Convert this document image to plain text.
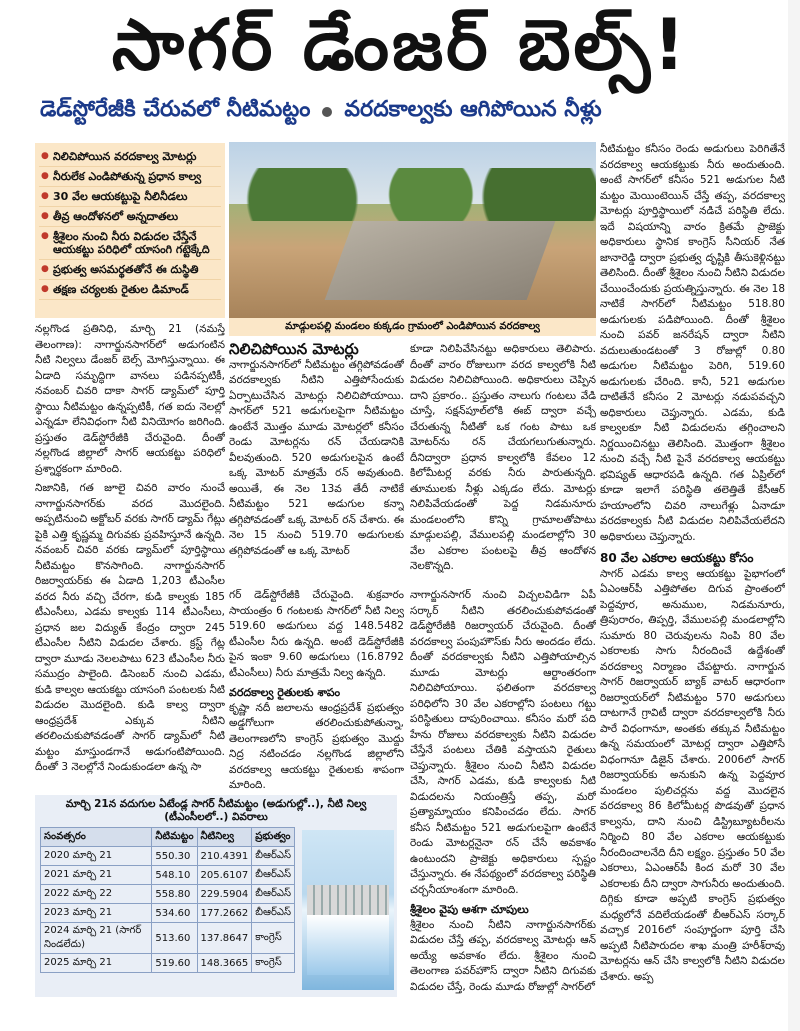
సాగర్ డేంజర్ బెల్స్!
డెడ్‌స్టోరేజీకి చేరువలో నీటిమట్టం వరదకాల్వకు ఆగిపోయిన నీళ్లు
● నిలిచిపోయిన వరదకాల్వ మోటర్లు
● నీరులేక ఎండిపోతున్న ప్రధాన కాల్వ
● 30 వేల ఆయకట్టుపై నీలినీడలు
● తీవ్ర ఆందోళనలో అన్నదాతలు
● శ్రీశైలం నుంచి నీరు విడుదల చేస్తేనే ఆయకట్టు పరిధిలో యాసంగి గట్టెక్కేది
● ప్రభుత్వ అసమర్థతతోనే ఈ దుస్థితి
● తక్షణ చర్యలకు రైతుల డిమాండ్
మాడ్గులపల్లి మండలం కుక్కడం గ్రామంలో ఎండిపోయిన వరదకాల్వ
నల్లగొండ ప్రతినిధి, మార్చి 21 (నమస్తే తెలంగాణ): నాగార్జునసాగర్‌లో అడుగంటిన నీటి నిల్వలు డేంజర్ బెల్స్ మోగిస్తున్నాయి. ఈ ఏడాది సమృద్ధిగా వానలు పడినప్పటికీ, నవంబర్ చివరి దాకా సాగర్ డ్యామ్‌లో పూర్తి స్థాయి నీటిమట్టం ఉన్నప్పటికీ, గత ఐదు నెలల్లో ఎన్నడూ లేనివిధంగా నీటి వినియోగం జరిగింది. ప్రస్తుతం డెడ్‌స్టోరేజీకి చేరువైంది. దీంతో నల్లగొండ జిల్లాలో సాగర్ ఆయకట్టు పరిధిలో ప్రశ్నార్థకంగా మారింది.
నిజానికి, గత జూలై చివరి వారం నుంచే నాగార్జునసాగర్‌కు వరద మొదలైంది. అప్పటినుంచి అక్టోబర్ వరకు సాగర్ డ్యామ్ గేట్లు పైకి ఎత్తి కృష్ణమ్మ దిగువకు ప్రవహిస్తూనే ఉన్నది. నవంబర్ చివరి వరకు డ్యామ్‌లో పూర్తిస్థాయి నీటిమట్టం కొనసాగింది. నాగార్జునసాగర్ రిజర్వాయర్‌కు ఈ ఏడాది 1,203 టీఎంసీల వరద నీరు వచ్చి చేరగా, కుడి కాల్వకు 185 టీఎంసీలు, ఎడమ కాల్వకు 114 టీఎంసీలు, ప్రధాన జల విద్యుత్ కేంద్రం ద్వారా 245 టీఎంసీల నీటిని విడుదల చేశారు. క్రస్ట్ గేట్ల ద్వారా మూడు నెలలపాటు 623 టీఎంసీల నీరు సముద్రం పాలైంది. డిసెంబర్ నుంచి ఎడమ, కుడి కాల్వల ఆయకట్టు యాసంగి పంటలకు నీటి విడుదల మొదలైంది. కుడి కాల్వ ద్వారా ఆంధ్రప్రదేశ్ ఎక్కువ నీటిని తరలించుకుపోవడంతో సాగర్ డ్యామ్‌లో నీటి మట్టం మాస్తుండగానే అడుగంటిపోయింది. దీంతో 3 నెలల్లోనే నిండుకుండలా ఉన్న సా
నిలిచిపోయిన మోటర్లు
నాగార్జునసాగర్‌లో నీటిమట్టం తగ్గిపోవడంతో వరదకాల్వకు నీటిని ఎత్తిపోసేందుకు ఏర్పాటుచేసిన మోటర్లు నిలిచిపోయాయి. సాగర్‌లో 521 అడుగులపైగా నీటిమట్టం ఉంటేనే మొత్తం మూడు మోటర్లలో కనీసం రెండు మోటర్లను రన్ చేయడానికి వీలవుతుంది. 520 అడుగులపైన ఉంటే ఒక్క మోటర్ మాత్రమే రన్ అవుతుంది. అయితే, ఈ నెల 13వ తేదీ నాటికే నీటిమట్టం 521 అడుగుల కన్నా తగ్గిపోవడంతో ఒక్క మోటర్ రన్ చేశారు. ఈ నెల 15 నుంచి 519.70 అడుగులకు తగ్గిపోవడంతో ఆ ఒక్క మోటర్
కూడా నిలిపివేసినట్టు అధికారులు తెలిపారు. దీంతో వారం రోజులుగా వరద కాల్వలోకి నీటి విడుదల నిలిచిపోయింది. అధికారులు చెప్పిన దాని ప్రకారం.. ప్రస్తుతం నాలుగు గంటలు వేడి చూస్తే, సక్షన్‌పూల్‌లోకి ఈబ్ ద్వారా వచ్చే చేరుతున్న నీటితో ఒక గంట పాటు ఒక మోటర్‌ను రన్ చేయగలుగుతున్నారు. దీనిద్వారా ప్రధాన కాల్వలోకి కేవలం 12 కిలోమీటర్ల వరకు నీరు పారుతున్నది. తూములకు నీళ్లు ఎక్కడం లేదు. మోటర్లు నిలిపివేయడంతో పెద్ద నిడమనూరు మండలంలోని కొన్ని గ్రామాలతోపాటు మాడ్గులపల్లి, వేములపల్లి మండలాల్లోని 30 వేల ఎకరాల పంటలపై తీవ్ర ఆందోళన నెలకొన్నది.
నీటిమట్టం కనీసం రెండు అడుగులు పెరిగితేనే వరదకాల్వ ఆయకట్టుకు నీరు అందుతుంది. అంటే సాగర్‌లో కనీసం 521 అడుగుల నీటి మట్టం మెయింటెయిన్ చేస్తే తప్ప, వరదకాల్వ మోటర్లు పూర్తిస్థాయిలో నడిచే పరిస్థితి లేదు. ఇదే విషయాన్ని వారం క్రితమే ప్రాజెక్టు అధికారులు స్థానిక కాంగ్రెస్ సీనియర్ నేత జానారెడ్డి ద్వారా ప్రభుత్వ దృష్టికి తీసుకెళ్లినట్టు తెలిసింది. దీంతో శ్రీశైలం నుంచి నీటిని విడుదల చేయించేందుకు ప్రయత్నిస్తున్నారు. ఈ నెల 18 నాటికే సాగర్‌లో నీటిమట్టం 518.80 అడుగులకు పడిపోయింది. దీంతో శ్రీశైలం నుంచి పవర్ జనరేషన్ ద్వారా నీటిని వదులుతుండటంతో 3 రోజుల్లో 0.80 అడుగుల నీటిమట్టం పెరిగి, 519.60 అడుగులకు చేరింది. కానీ, 521 అడుగుల దాటితేనే కనీసం 2 మోటర్లు నడుపవచ్చని అధికారులు చెప్తున్నారు. ఎడమ, కుడి కాల్వలకూ నీటి విడుదలను తగ్గించాలని నిర్ణయించినట్టు తెలిసింది. మొత్తంగా శ్రీశైలం నుంచి వచ్చే నీటి పైనే వరదకాల్వ ఆయకట్టు భవిష్యత్ ఆధారపడి ఉన్నది. గత ఏప్రిల్‌లో కూడా ఇలాగే పరిస్థితి తలెత్తితే కేసీఆర్ హయాంలోని చివరి నాలుగేళ్లు ఏనాడూ వరదకాల్వకు నీటి విడుదల నిలిపివేయలేదని అధికారులు చెప్తున్నారు.
80 వేల ఎకరాల ఆయకట్టు కోసం
సాగర్ ఎడమ కాల్వ ఆయకట్టు పైభాగంలో ఏఎంఆర్‌పీ ఎత్తిపోతల దిగువ ప్రాంతంలో పెద్దవూర, అనుముల, నిడమనూరు, త్రిపురారం, తిప్పర్తి, వేములపల్లి మండలాల్లోని సుమారు 80 చెరువులను నింపి 80 వేల ఎకరాలకు సాగు నీరందించే ఉద్దేశంతో వరదకాల్వ నిర్మాణం చేపట్టారు. నాగార్జున సాగర్ రిజర్వాయర్ బ్యాక్ వాటర్ ఆధారంగా రిజర్వాయర్‌లో నీటిమట్టం 570 అడుగులు దాటగానే గ్రావిటీ ద్వారా వరదకాల్వలోకి నీరు పారే విధంగానూ, అంతకు తక్కువ నీటిమట్టం ఉన్న సమయంలో మోటర్ల ద్వారా ఎత్తిపోసే విధంగానూ డిజైన్ చేశారు. 2006లో సాగర్ రిజర్వాయర్‌కు అనుకుని ఉన్న పెద్దవూర మండలం పులిచర్లను వద్ద మొదలైన వరదకాల్వ 86 కిలోమీటర్ల పొడవుతో ప్రధాన కాల్వను, దాని నుంచి డిస్ట్రిబ్యూటరీలను నిర్మించి 80 వేల ఎకరాల ఆయకట్టుకు నీరందించాలనేది దీని లక్ష్యం. ప్రస్తుతం 50 వేల ఎకరాలు, ఏఎంఆర్‌పీ కింద మరో 30 వేల ఎకరాలకు దీని ద్వారా సాగునీరు అందుతుంది. దిగ్గికు కూడా అప్పటి కాంగ్రెస్ ప్రభుత్వం మధ్యలోనే వదిలేయడంతో బీఆర్‌ఎస్ సర్కార్ వచ్చాక 2016లో సంపూర్ణంగా పూర్తి చేసి అప్పటి నీటిపారుదల శాఖ మంత్రి హరీశ్‌రావు మోటర్లను ఆన్ చేసి కాల్వలోకి నీటిని విడుదల చేశారు. అప్ప
గర్ డెడ్‌స్టోరేజీకి చేరువైంది. శుక్రవారం సాయంత్రం 6 గంటలకు సాగర్‌లో నీటి నిల్వ 519.60 అడుగులు వద్ద 148.5482 టీఎంసీల నీరు ఉన్నది. అంటే డెడ్‌స్టోరేజీకి పైన ఇంకా 9.60 అడుగులు (16.8792 టీఎంసీలు) నీరు మాత్రమే నిల్వ ఉన్నది.
వరదకాల్వ రైతులకు శాపం
కృష్ణా నదీ జలాలను ఆంధ్రప్రదేశ్ ప్రభుత్వం అడ్డగోలుగా తరలించుకుపోతున్నా, తెలంగాణలోని కాంగ్రెస్ ప్రభుత్వం మొద్దు నిద్ర నటించడం నల్లగొండ జిల్లాలోని వరదకాల్వ ఆయకట్టు రైతులకు శాపంగా మారింది.
నాగార్జునసాగర్ నుంచి విచ్చలవిడిగా ఏపీ సర్కార్ నీటిని తరలించుకుపోవడంతో డెడ్‌స్టోరేజీకి రిజర్వాయర్ చేరువైంది. దీంతో వరదకాల్వ పంపుహౌస్‌కు నీరు అందడం లేదు. దీంతో వరదకాల్వకు నీటిని ఎత్తిపోయాల్సిన మూడు మోటర్లు ఆర్టాంతరంగా నిలిచిపోయాయి. ఫలితంగా వరదకాల్వ పరిధిలోని 30 వేల ఎకరాల్లోని పంటలు గట్టు పరిస్థితులు దాపురించాయి. కనీసం మరో పది హేను రోజులు వరదకాల్వకు నీటిని విడుదల చేస్తేనే పంటలు చేతికి వస్తాయని రైతులు చెప్తున్నారు. శ్రీశైలం నుంచి నీటిని విడుదల చేసి, సాగర్ ఎడమ, కుడి కాల్వలకు నీటి విడుదలను నియంత్రిస్తే తప్ప, మరో ప్రత్యామ్నాయం కనిపించడం లేదు. సాగర్ కనీస నీటిమట్టం 521 అడుగులపైగా ఉంటేనే రెండు మోటర్లనైనా రన్ చేసే అవకాశం ఉంటుందని ప్రాజెక్టు అధికారులు స్పష్టం చేస్తున్నారు. ఈ నేపథ్యంలో వరదకాల్వ పరిస్థితి చర్చనీయాంశంగా మారింది.
శ్రీశైలం వైపు ఆశగా చూపులు
శ్రీశైలం నుంచి నీటిని నాగార్జునసాగర్‌కు విడుదల చేస్తే తప్ప, వరదకాల్వ మోటర్లు ఆన్ అయ్యే అవకాశం లేదు. శ్రీశైలం నుంచి తెలంగాణ పవర్‌హౌస్ ద్వారా నీటిని దిగువకు విడుదల చేస్తే, రెండు మూడు రోజుల్లో సాగర్‌లో
మార్చి 21న వదుగుల ఏటేండ్ల సాగర్ నీటిమట్టం (అడుగుల్లో..), నీటి నిల్వ (టీఎంసీలలో..) వివరాలు
సంవత్సరం	నీటిమట్టం	నీటినిల్వ	ప్రభుత్వం
2020 మార్చి 21	550.30	210.4391	బీఆర్ఎస్
2021 మార్చి 21	548.10	205.6107	బీఆర్ఎస్
2022 మార్చి 22	558.80	229.5904	బీఆర్ఎస్
2023 మార్చి 21	534.60	177.2662	బీఆర్ఎస్
2024 మార్చి 21 (సాగర్ నిండలేదు)	513.60	137.8647	కాంగ్రెస్
2025 మార్చి 21	519.60	148.3665	కాంగ్రెస్
